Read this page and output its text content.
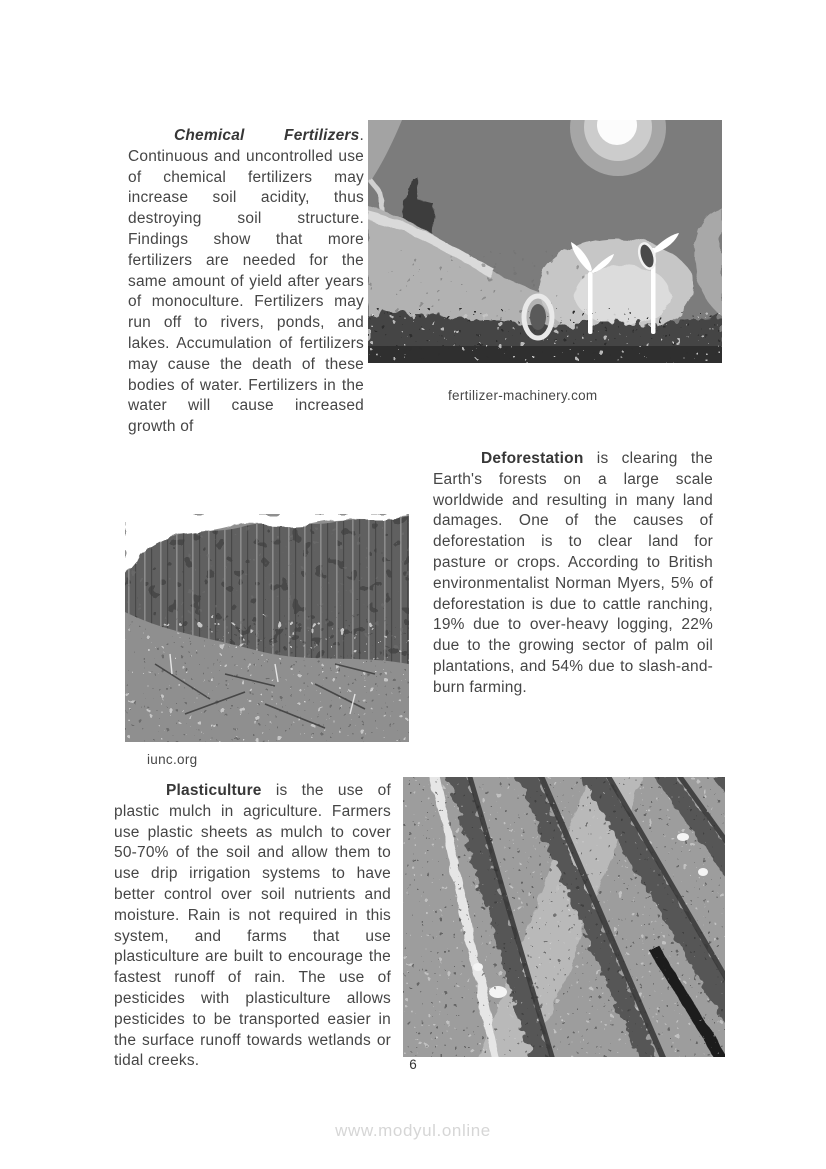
Chemical Fertilizers. Continuous and uncontrolled use of chemical fertilizers may increase soil acidity, thus destroying soil structure. Findings show that more fertilizers are needed for the same amount of yield after years of monoculture. Fertilizers may run off to rivers, ponds, and lakes. Accumulation of fertilizers may cause the death of these bodies of water. Fertilizers in the water will cause increased growth of

fertilizer-machinery.com

Deforestation is clearing the Earth's forests on a large scale worldwide and resulting in many land damages. One of the causes of deforestation is to clear land for pasture or crops. According to British environmentalist Norman Myers, 5% of deforestation is due to cattle ranching, 19% due to over-heavy logging, 22% due to the growing sector of palm oil plantations, and 54% due to slash-and-burn farming.

iunc.org

Plasticulture is the use of plastic mulch in agriculture. Farmers use plastic sheets as mulch to cover 50-70% of the soil and allow them to use drip irrigation systems to have better control over soil nutrients and moisture. Rain is not required in this system, and farms that use plasticulture are built to encourage the fastest runoff of rain. The use of pesticides with plasticulture allows pesticides to be transported easier in the surface runoff towards wetlands or tidal creeks.	6
www.modyul.online
